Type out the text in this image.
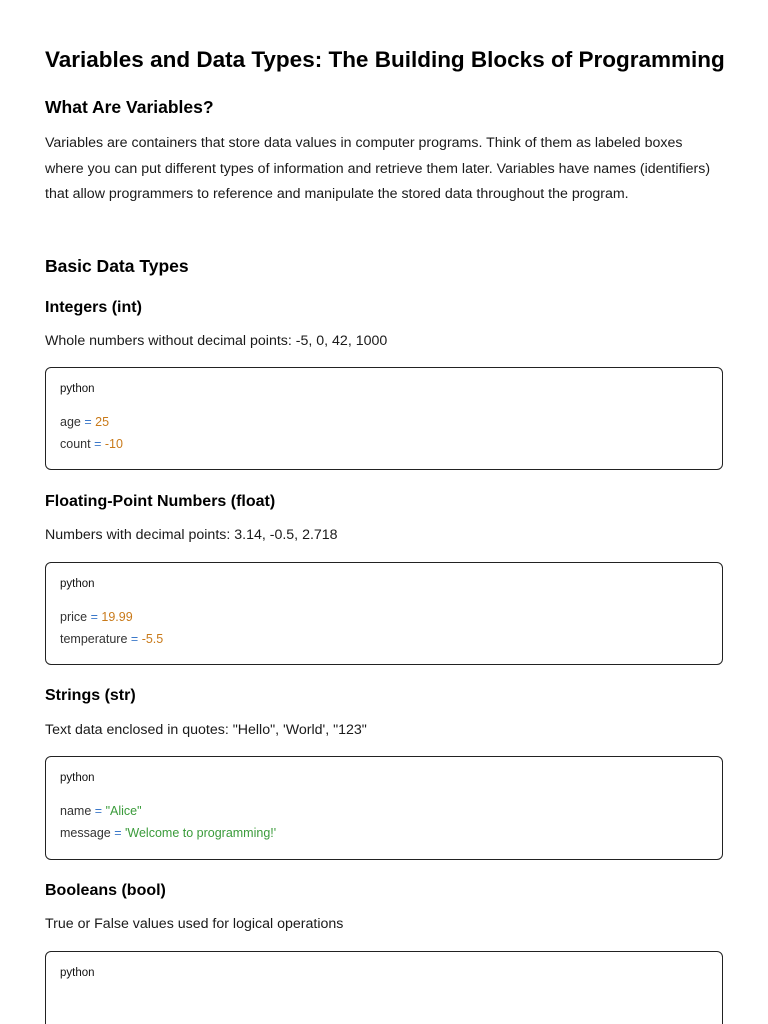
Variables and Data Types: The Building Blocks of Programming
What Are Variables?

Variables are containers that store data values in computer programs. Think of them as labeled boxes where you can put different types of information and retrieve them later. Variables have names (identifiers) that allow programmers to reference and manipulate the stored data throughout the program.

Basic Data Types
Integers (int)

Whole numbers without decimal points: -5, 0, 42, 1000

python
age = 25
count = -10
Floating-Point Numbers (float)

Numbers with decimal points: 3.14, -0.5, 2.718

python
price = 19.99
temperature = -5.5
Strings (str)

Text data enclosed in quotes: "Hello", 'World', "123"

python
name = "Alice"
message = 'Welcome to programming!'
Booleans (bool)

True or False values used for logical operations

python
